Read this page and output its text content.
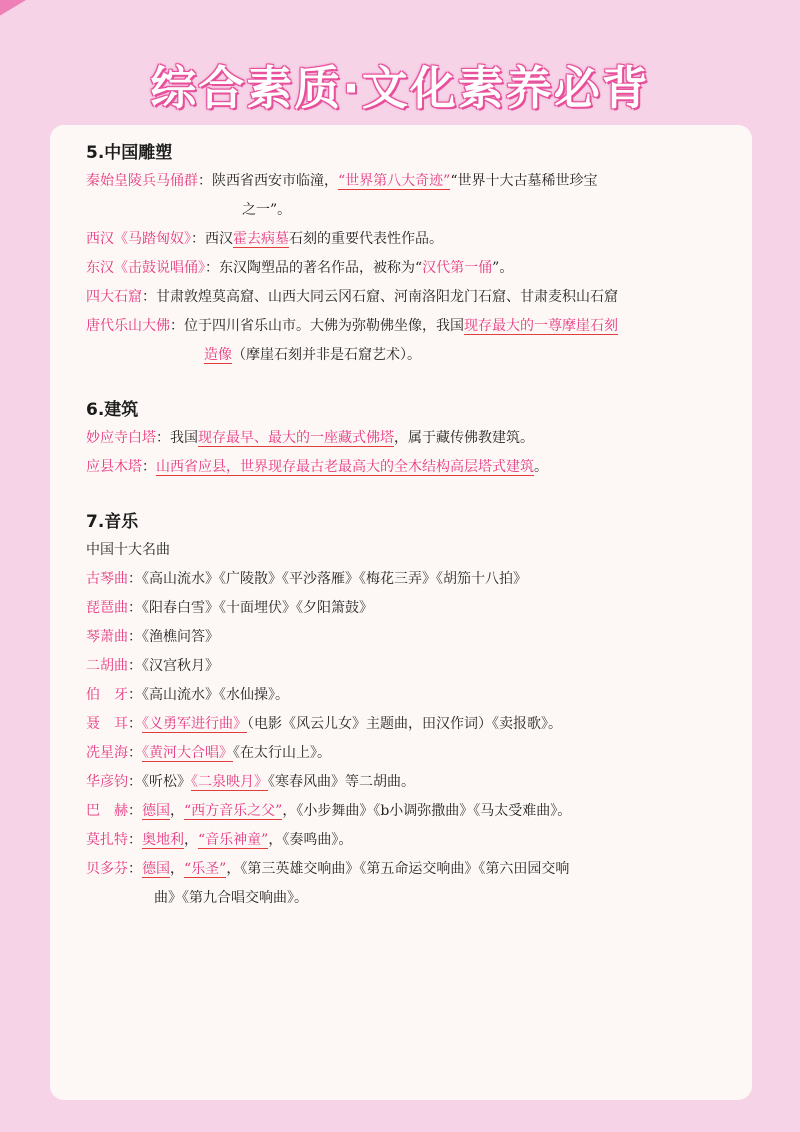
综合素质·文化素养必背
5.中国雕塑
秦始皇陵兵马俑群：陕西省西安市临潼，“世界第八大奇迹”“世界十大古墓稀世珍宝
之一”。
西汉《马踏匈奴》：西汉霍去病墓石刻的重要代表性作品。
东汉《击鼓说唱俑》：东汉陶塑品的著名作品，被称为“汉代第一俑”。
四大石窟：甘肃敦煌莫高窟、山西大同云冈石窟、河南洛阳龙门石窟、甘肃麦积山石窟
唐代乐山大佛：位于四川省乐山市。大佛为弥勒佛坐像，我国现存最大的一尊摩崖石刻
造像（摩崖石刻并非是石窟艺术）。
6.建筑
妙应寺白塔：我国现存最早、最大的一座藏式佛塔，属于藏传佛教建筑。
应县木塔：山西省应县，世界现存最古老最高大的全木结构高层塔式建筑。
7.音乐
中国十大名曲
古琴曲：《高山流水》《广陵散》《平沙落雁》《梅花三弄》《胡笳十八拍》
琵琶曲：《阳春白雪》《十面埋伏》《夕阳箫鼓》
琴萧曲：《渔樵问答》
二胡曲：《汉宫秋月》
伯　牙：《高山流水》《水仙操》。
聂　耳：《义勇军进行曲》（电影《风云儿女》主题曲，田汉作词）《卖报歌》。
冼星海：《黄河大合唱》《在太行山上》。
华彦钧：《听松》《二泉映月》《寒春风曲》等二胡曲。
巴　赫：德国，“西方音乐之父”，《小步舞曲》《b小调弥撒曲》《马太受难曲》。
莫扎特：奥地利，“音乐神童”，《奏鸣曲》。
贝多芬：德国，“乐圣”，《第三英雄交响曲》《第五命运交响曲》《第六田园交响
曲》《第九合唱交响曲》。
